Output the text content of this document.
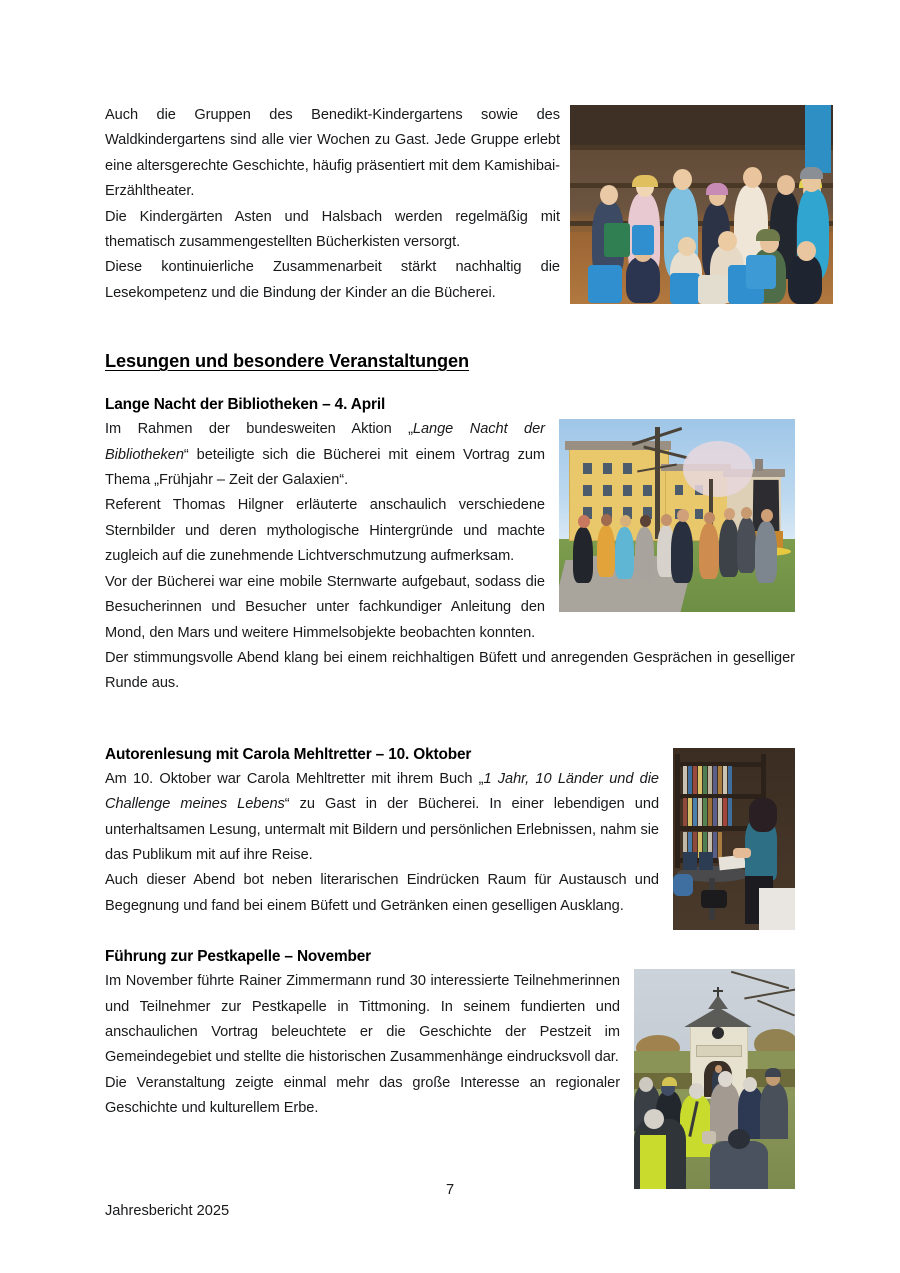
Auch die Gruppen des Benedikt-Kindergartens sowie des Waldkindergartens sind alle vier Wochen zu Gast. Jede Gruppe erlebt eine altersgerechte Geschichte, häufig präsentiert mit dem Kamishibai-Erzähltheater.

Die Kindergärten Asten und Halsbach werden regelmäßig mit thematisch zusammengestellten Bücherkisten versorgt.

Diese kontinuierliche Zusammenarbeit stärkt nachhaltig die Lesekompetenz und die Bindung der Kinder an die Bücherei.

Lesungen und besondere Veranstaltungen
Lange Nacht der Bibliotheken – 4. April

Im Rahmen der bundesweiten Aktion „Lange Nacht der Bibliotheken“ beteiligte sich die Bücherei mit einem Vortrag zum Thema „Frühjahr – Zeit der Galaxien“.

Referent Thomas Hilgner erläuterte anschaulich verschiedene Sternbilder und deren mythologische Hintergründe und machte zugleich auf die zunehmende Lichtverschmutzung aufmerksam.

Vor der Bücherei war eine mobile Sternwarte aufgebaut, sodass die Besucherinnen und Besucher unter fachkundiger Anleitung den Mond, den Mars und weitere Himmelsobjekte beobachten konnten.

Der stimmungsvolle Abend klang bei einem reichhaltigen Büfett und anregenden Gesprächen in geselliger Runde aus.

Autorenlesung mit Carola Mehltretter – 10. Oktober

Am 10. Oktober war Carola Mehltretter mit ihrem Buch „1 Jahr, 10 Länder und die Challenge meines Lebens“ zu Gast in der Bücherei. In einer lebendigen und unterhaltsamen Lesung, untermalt mit Bildern und persönlichen Erlebnissen, nahm sie das Publikum mit auf ihre Reise.

Auch dieser Abend bot neben literarischen Eindrücken Raum für Austausch und Begegnung und fand bei einem Büfett und Getränken einen geselligen Ausklang.

Führung zur Pestkapelle – November

Im November führte Rainer Zimmermann rund 30 interessierte Teilnehmerinnen und Teilnehmer zur Pestkapelle in Tittmoning. In seinem fundierten und anschaulichen Vortrag beleuchtete er die Geschichte der Pestzeit im Gemeindegebiet und stellte die historischen Zusammenhänge eindrucksvoll dar.

Die Veranstaltung zeigte einmal mehr das große Interesse an regionaler Geschichte und kulturellem Erbe.

7
Jahresbericht 2025
